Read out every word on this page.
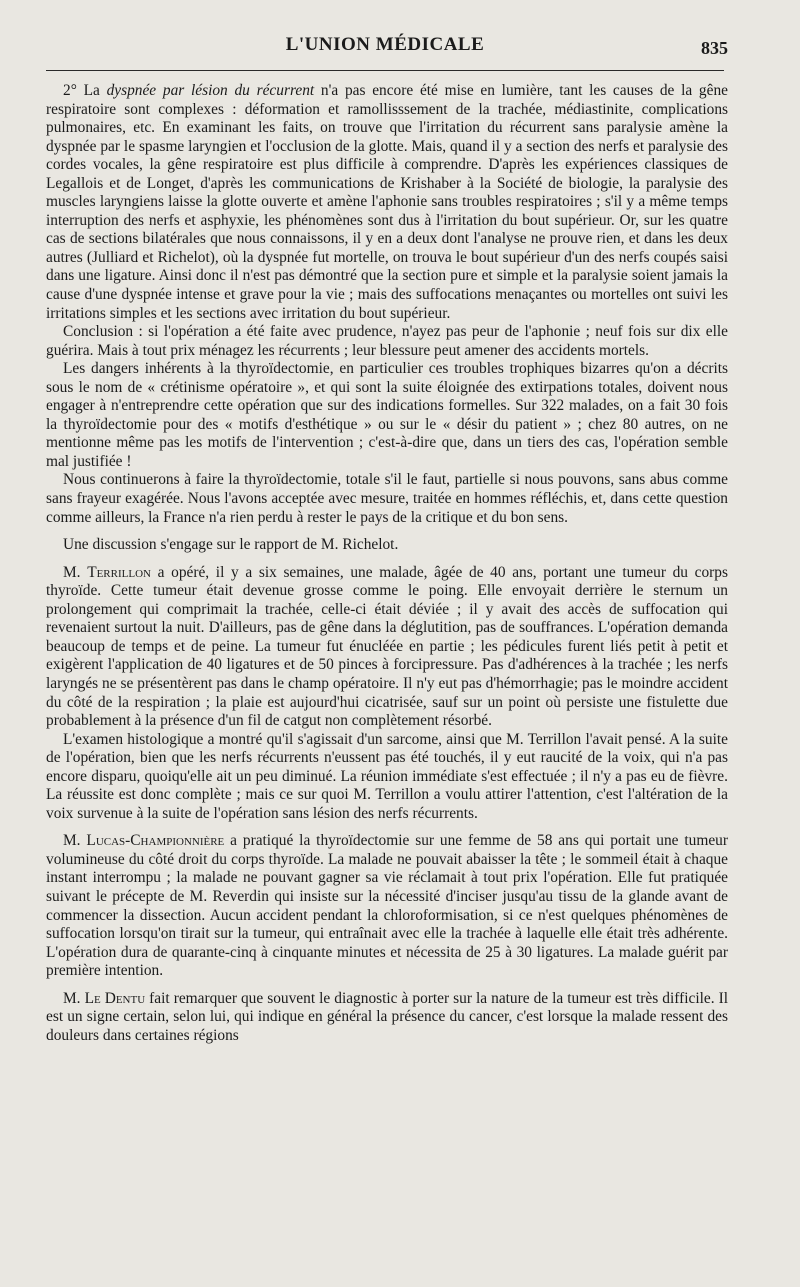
L'UNION MÉDICALE	835

2° La dyspnée par lésion du récurrent n'a pas encore été mise en lumière, tant les causes de la gêne respiratoire sont complexes : déformation et ramollisssement de la trachée, médiastinite, complications pulmonaires, etc. En examinant les faits, on trouve que l'irritation du récurrent sans paralysie amène la dyspnée par le spasme laryngien et l'occlusion de la glotte. Mais, quand il y a section des nerfs et paralysie des cordes vocales, la gêne respiratoire est plus difficile à comprendre. D'après les expériences classiques de Legallois et de Longet, d'après les communications de Krishaber à la Société de biologie, la paralysie des muscles laryngiens laisse la glotte ouverte et amène l'aphonie sans troubles respiratoires ; s'il y a même temps interruption des nerfs et asphyxie, les phénomènes sont dus à l'irritation du bout supérieur. Or, sur les quatre cas de sections bilatérales que nous connaissons, il y en a deux dont l'analyse ne prouve rien, et dans les deux autres (Julliard et Richelot), où la dyspnée fut mortelle, on trouva le bout supérieur d'un des nerfs coupés saisi dans une ligature. Ainsi donc il n'est pas démontré que la section pure et simple et la paralysie soient jamais la cause d'une dyspnée intense et grave pour la vie ; mais des suffocations menaçantes ou mortelles ont suivi les irritations simples et les sections avec irritation du bout supérieur.

Conclusion : si l'opération a été faite avec prudence, n'ayez pas peur de l'aphonie ; neuf fois sur dix elle guérira. Mais à tout prix ménagez les récurrents ; leur blessure peut amener des accidents mortels.

Les dangers inhérents à la thyroïdectomie, en particulier ces troubles trophiques bizarres qu'on a décrits sous le nom de « crétinisme opératoire », et qui sont la suite éloignée des extirpations totales, doivent nous engager à n'entreprendre cette opération que sur des indications formelles. Sur 322 malades, on a fait 30 fois la thyroïdectomie pour des « motifs d'esthétique » ou sur le « désir du patient » ; chez 80 autres, on ne mentionne même pas les motifs de l'intervention ; c'est-à-dire que, dans un tiers des cas, l'opération semble mal justifiée !

Nous continuerons à faire la thyroïdectomie, totale s'il le faut, partielle si nous pouvons, sans abus comme sans frayeur exagérée. Nous l'avons acceptée avec mesure, traitée en hommes réfléchis, et, dans cette question comme ailleurs, la France n'a rien perdu à rester le pays de la critique et du bon sens.

Une discussion s'engage sur le rapport de M. Richelot.

M. Terrillon a opéré, il y a six semaines, une malade, âgée de 40 ans, portant une tumeur du corps thyroïde. Cette tumeur était devenue grosse comme le poing. Elle envoyait derrière le sternum un prolongement qui comprimait la trachée, celle-ci était déviée ; il y avait des accès de suffocation qui revenaient surtout la nuit. D'ailleurs, pas de gêne dans la déglutition, pas de souffrances. L'opération demanda beaucoup de temps et de peine. La tumeur fut énucléée en partie ; les pédicules furent liés petit à petit et exigèrent l'application de 40 ligatures et de 50 pinces à forcipressure. Pas d'adhérences à la trachée ; les nerfs laryngés ne se présentèrent pas dans le champ opératoire. Il n'y eut pas d'hémorrhagie; pas le moindre accident du côté de la respiration ; la plaie est aujourd'hui cicatrisée, sauf sur un point où persiste une fistulette due probablement à la présence d'un fil de catgut non complètement résorbé.

L'examen histologique a montré qu'il s'agissait d'un sarcome, ainsi que M. Terrillon l'avait pensé. A la suite de l'opération, bien que les nerfs récurrents n'eussent pas été touchés, il y eut raucité de la voix, qui n'a pas encore disparu, quoiqu'elle ait un peu diminué. La réunion immédiate s'est effectuée ; il n'y a pas eu de fièvre. La réussite est donc complète ; mais ce sur quoi M. Terrillon a voulu attirer l'attention, c'est l'altération de la voix survenue à la suite de l'opération sans lésion des nerfs récurrents.

M. Lucas-Championnière a pratiqué la thyroïdectomie sur une femme de 58 ans qui portait une tumeur volumineuse du côté droit du corps thyroïde. La malade ne pouvait abaisser la tête ; le sommeil était à chaque instant interrompu ; la malade ne pouvant gagner sa vie réclamait à tout prix l'opération. Elle fut pratiquée suivant le précepte de M. Reverdin qui insiste sur la nécessité d'inciser jusqu'au tissu de la glande avant de commencer la dissection. Aucun accident pendant la chloroformisation, si ce n'est quelques phénomènes de suffocation lorsqu'on tirait sur la tumeur, qui entraînait avec elle la trachée à laquelle elle était très adhérente. L'opération dura de quarante-cinq à cinquante minutes et nécessita de 25 à 30 ligatures. La malade guérit par première intention.

M. Le Dentu fait remarquer que souvent le diagnostic à porter sur la nature de la tumeur est très difficile. Il est un signe certain, selon lui, qui indique en général la présence du cancer, c'est lorsque la malade ressent des douleurs dans certaines régions
